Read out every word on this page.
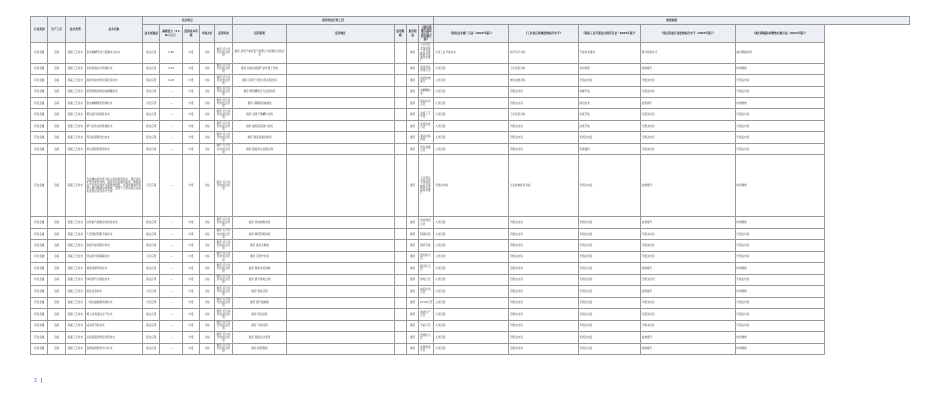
行业类别	生产工序	技术类型	技术名称	技术特点					推荐的适宜性工况					政策依据				
				技术成熟度	减排能力（t CO₂/万元）	投资成本等级	环境友好	适用场景	适用说明	适用地区	适用规模	推荐程度	《绿色低碳先进技术示范工程实施方案》	《绿色技术推广目录（2024年版）》	《工业重点领域能效标杆水平》	《国家工业节能技术推荐目录（2024年版）》	《重点用能行业能效标杆水平（2023年版）》	《减污降碳协同增效实施方案（2023年版）》
有色金属	冶炼	低碳工艺技术	铝电解槽节能与低碳综合技术	商业应用	0.60	中低	达标	推荐 可与多技术组合使用	推荐 适用于氧化铝产能整合与规模化冶炼企业			推荐	示范项目支持冶炼工序节能降碳及低碳技术推广	入选工业节能技术	标杆水平对标	节能技术推荐	提升能效水平	减污降碳协同
有色金属	冶炼	低碳工艺技术	余热回收综合利用技术	商业应用	0.35	中低	达标	推荐 可与多技术组合使用	推荐 回收冶炼烟气余热用于发电			推荐	余热余压利用示范	入选目录	工序能耗对标	余热利用	能效提升	协同增效
有色金属	冶炼	低碳工艺技术	高效节能电机系统改造技术	商业应用	0.20	中低	达标	推荐 可与多技术组合使用	推荐 适用于风机水泵系统改造			推荐	电机能效提升	入选目录	电机能效对标	无相关内容	无相关内容	无相关内容
有色金属	冶炼	低碳工艺技术	新型阴极结构铝电解槽技术	商业应用	—	中低	达标	推荐 可与多技术组合使用	推荐 降低槽电压与直流电耗			推荐	电解槽改造	入选目录	无相关内容	电解节能	无相关内容	无相关内容
有色金属	冶炼	低碳工艺技术	铝电解槽惰性阳极技术	示范应用	—	中低	达标	推荐 可与多技术组合使用	推荐 消除阳极碳排放			推荐	前沿技术示范	入选目录	无相关内容	前沿技术	能效提升	协同增效
有色金属	冶炼	低碳工艺技术	铜冶炼闪速熔炼技术	商业应用	—	中低	达标	推荐 可与多技术组合使用	推荐 适用于铜精矿冶炼			推荐	冶炼工艺升级	入选目录	工序能耗对标	冶炼节能	无相关内容	无相关内容
有色金属	冶炼	低碳工艺技术	氧气底吹连续炼铜技术	商业应用	—	中低	达标	推荐 可与多技术组合使用	推荐 缩短流程减少能耗			推荐	连续冶炼示范	入选目录	无相关内容	冶炼节能	无相关内容	无相关内容
有色金属	冶炼	低碳工艺技术	锌冶炼富氧浸出技术	商业应用	—	中低	达标	推荐 可与多技术组合使用	推荐 提高金属回收率			推荐	湿法冶炼改造	入选目录	无相关内容	无相关内容	无相关内容	无相关内容
有色金属	冶炼	低碳工艺技术	再生铝保级利用技术	商业应用	—	中低	达标	推荐 可与多技术组合使用	推荐 提高再生金属比例			推荐	再生金属示范	入选目录	无相关内容	资源循环	无相关内容	无相关内容
有色金属	冶炼	低碳工艺技术	多金属协同冶炼与综合回收利用技术，通过优化炉型与配料结构，提高有价金属回收率，降低单位产品综合能耗与碳排放强度，实现资源循环利用与减污降碳协同增效，适用于大型冶炼企业的系统性技术改造与升级	示范应用	—	中低	达标	推荐 可与多技术组合使用				推荐	示范项目支持冶炼工序节能降碳及低碳技术推广	无相关内容	行业能效标杆对标	无相关内容	能效提升	协同增效
有色金属	冶炼	低碳工艺技术	冶炼烟气制酸余热回收技术	商业应用	—	中低	达标	推荐 可与多技术组合使用	推荐 回收制酸余热			推荐	余热利用示范	入选目录	无相关内容	无相关内容	能效提升	协同增效
有色金属	冶炼	低碳工艺技术	大型预焙阳极节能技术	商业应用	—	中低	达标	推荐 可与多技术组合使用	推荐 降低阳极消耗			推荐	阳极改造	入选目录	无相关内容	无相关内容	无相关内容	无相关内容
有色金属	冶炼	低碳工艺技术	高效节能熔铝炉技术	商业应用	—	中低	达标	推荐 可与多技术组合使用	推荐 蓄热式燃烧			推荐	熔炼节能	入选目录	无相关内容	无相关内容	无相关内容	无相关内容
有色金属	冶炼	低碳工艺技术	镁冶炼节能降碳技术	示范应用	—	中低	达标	推荐 可与多技术组合使用	推荐 还原炉改造			推荐	镁冶炼示范	入选目录	无相关内容	无相关内容	无相关内容	无相关内容
有色金属	冶炼	低碳工艺技术	智能控制节能技术	商业应用	—	中低	达标	推荐 可与多技术组合使用	推荐 智能优化控制			推荐	数字化示范	入选目录	无相关内容	无相关内容	能效提升	协同增效
有色金属	冶炼	低碳工艺技术	绿电替代与储能技术	商业应用	—	中低	达标	推荐 可与多技术组合使用	推荐 提升绿电比例			推荐	绿电示范	入选目录	无相关内容	无相关内容	无相关内容	无相关内容
有色金属	冶炼	低碳工艺技术	氢能冶金技术	示范应用	—	中低	达标	推荐 可与多技术组合使用	推荐 氢基还原			推荐	前沿技术示范	入选目录	无相关内容	无相关内容	能效提升	协同增效
有色金属	冶炼	低碳工艺技术	二氧化碳捕集利用技术	示范应用	—	中低	达标	推荐 可与多技术组合使用	推荐 烟气碳捕集			推荐	CCUS示范	入选目录	无相关内容	无相关内容	无相关内容	无相关内容
有色金属	冶炼	低碳工艺技术	稀土冶炼清洁生产技术	商业应用	—	中低	达标	推荐 可与多技术组合使用	推荐 清洁冶炼			推荐	清洁生产示范	入选目录	无相关内容	无相关内容	无相关内容	无相关内容
有色金属	冶炼	低碳工艺技术	钛冶炼节能技术	商业应用	—	中低	达标	推荐 可与多技术组合使用	推荐 节能改造			推荐	节能示范	入选目录	无相关内容	无相关内容	无相关内容	无相关内容
有色金属	冶炼	低碳工艺技术	冶炼固废资源化利用技术	商业应用	—	中低	达标	推荐 可与多技术组合使用	推荐 固废综合利用			推荐	资源化示范	入选目录	无相关内容	无相关内容	能效提升	协同增效
有色金属	冶炼	低碳工艺技术	高效能源管控中心技术	商业应用	—	中低	达标	推荐 可与多技术组合使用	推荐 能源管控			推荐	能源管控示范	入选目录	无相关内容	无相关内容	能效提升	协同增效
2
